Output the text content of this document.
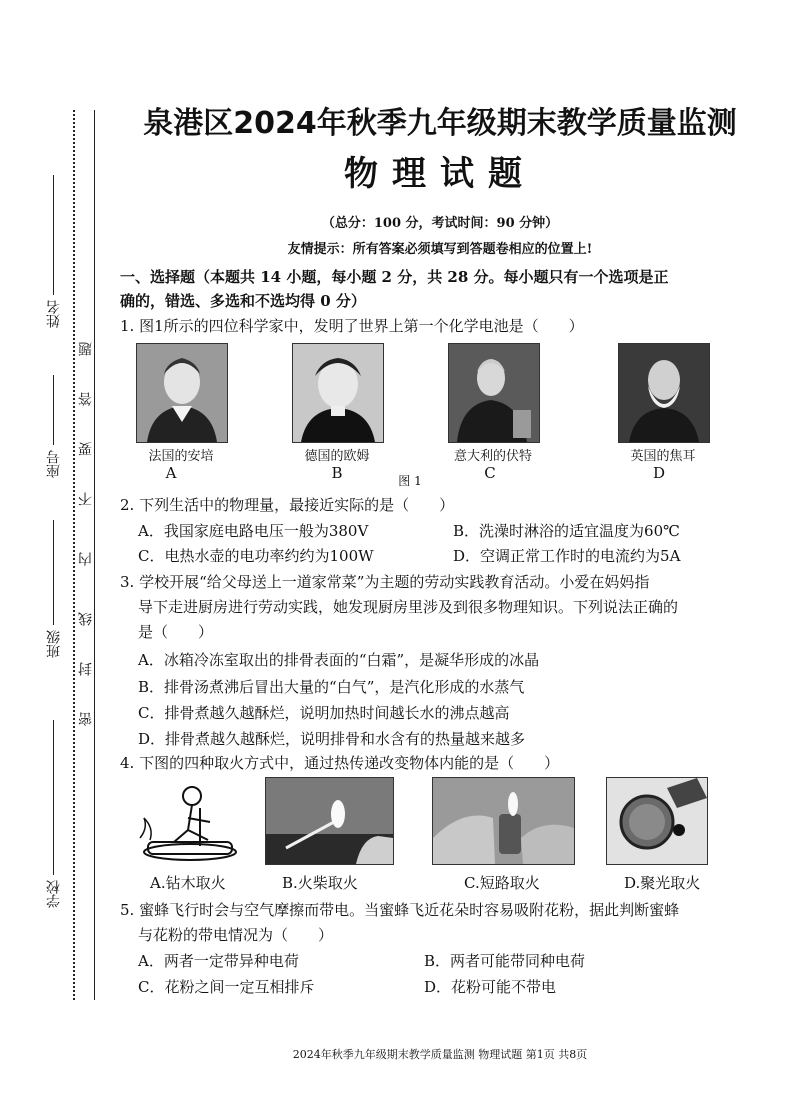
姓名
座号
班级
学校
题
答
要
不
内
线
封
密
泉港区2024年秋季九年级期末教学质量监测
物理试题
（总分：100 分，考试时间：90 分钟）
友情提示：所有答案必须填写到答题卷相应的位置上!
一、选择题（本题共 14 小题，每小题 2 分，共 28 分。每小题只有一个选项是正
确的，错选、多选和不选均得 0 分）
1. 图1所示的四位科学家中，发明了世界上第一个化学电池是（　　）
法国的安培	德国的欧姆	意大利的伏特	英国的焦耳
A	B	C	D
图 1
2. 下列生活中的物理量，最接近实际的是（　　）
A．我国家庭电路电压一般为380V	B．洗澡时淋浴的适宜温度为60℃
C．电热水壶的电功率约约为100W	D．空调正常工作时的电流约为5A
3. 学校开展“给父母送上一道家常菜”为主题的劳动实践教育活动。小爱在妈妈指
导下走进厨房进行劳动实践，她发现厨房里涉及到很多物理知识。下列说法正确的
是（　　）
A．冰箱冷冻室取出的排骨表面的“白霜”，是凝华形成的冰晶
B．排骨汤煮沸后冒出大量的“白气”，是汽化形成的水蒸气
C．排骨煮越久越酥烂，说明加热时间越长水的沸点越高
D．排骨煮越久越酥烂，说明排骨和水含有的热量越来越多
4. 下图的四种取火方式中，通过热传递改变物体内能的是（　　）
A.钻木取火	B.火柴取火	C.短路取火	D.聚光取火
5. 蜜蜂飞行时会与空气摩擦而带电。当蜜蜂飞近花朵时容易吸附花粉，据此判断蜜蜂
与花粉的带电情况为（　　）
A．两者一定带异种电荷	B．两者可能带同种电荷
C．花粉之间一定互相排斥	D．花粉可能不带电
2024年秋季九年级期末教学质量监测 物理试题 第1页 共8页
